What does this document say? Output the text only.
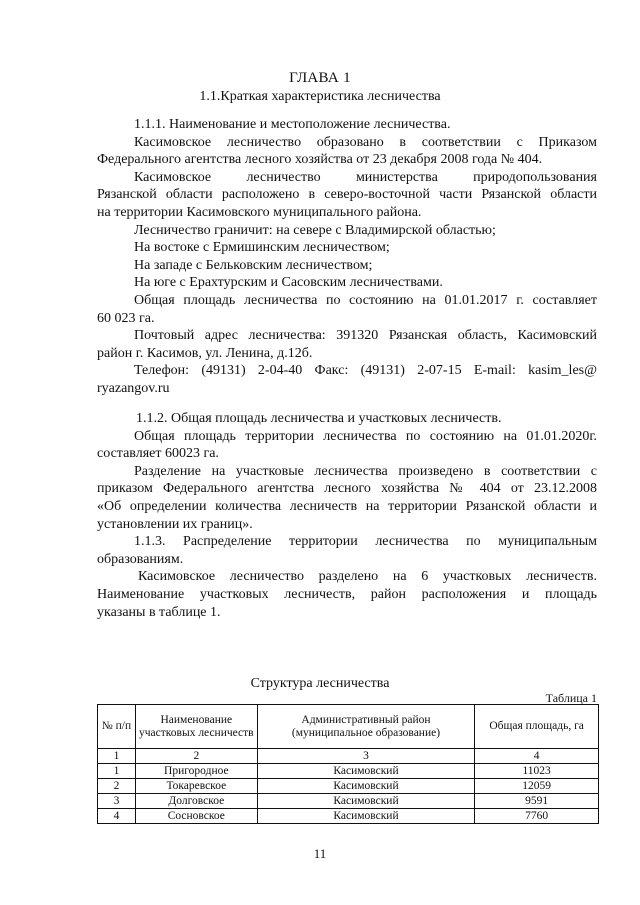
ГЛАВА 1
1.1.Краткая характеристика лесничества
1.1.1. Наименование и местоположение лесничества.
Касимовское лесничество образовано в соответствии с Приказом
Федерального агентства лесного хозяйства от 23 декабря 2008 года № 404.
Касимовское лесничество министерства природопользования
Рязанской области расположено в северо-восточной части Рязанской области
на территории Касимовского муниципального района.
Лесничество граничит: на севере с Владимирской областью;
На востоке с Ермишинским лесничеством;
На западе с Бельковским лесничеством;
На юге с Ерахтурским и Сасовским лесничествами.
Общая площадь лесничества по состоянию на 01.01.2017 г. составляет
60 023 га.
Почтовый адрес лесничества: 391320 Рязанская область, Касимовский
район г. Касимов, ул. Ленина, д.12б.
Телефон: (49131) 2-04-40 Факс: (49131) 2-07-15 E-mail: kasim_les@
ryazangov.ru
1.1.2. Общая площадь лесничества и участковых лесничеств.
Общая площадь территории лесничества по состоянию на 01.01.2020г.
составляет 60023 га.
Разделение на участковые лесничества произведено в соответствии с
приказом Федерального агентства лесного хозяйства № 404 от 23.12.2008
«Об определении количества лесничеств на территории Рязанской области и
установлении их границ».
1.1.3. Распределение территории лесничества по муниципальным
образованиям.
Касимовское лесничество разделено на 6 участковых лесничеств.
Наименование участковых лесничеств, район расположения и площадь
указаны в таблице 1.
Структура лесничества
Таблица 1
№ п/п	Наименование участковых лесничеств	Административный район (муниципальное образование)	Общая площадь, га
1	2	3	4
1	Пригородное	Касимовский	11023
2	Токаревское	Касимовский	12059
3	Долговское	Касимовский	9591
4	Сосновское	Касимовский	7760
11
